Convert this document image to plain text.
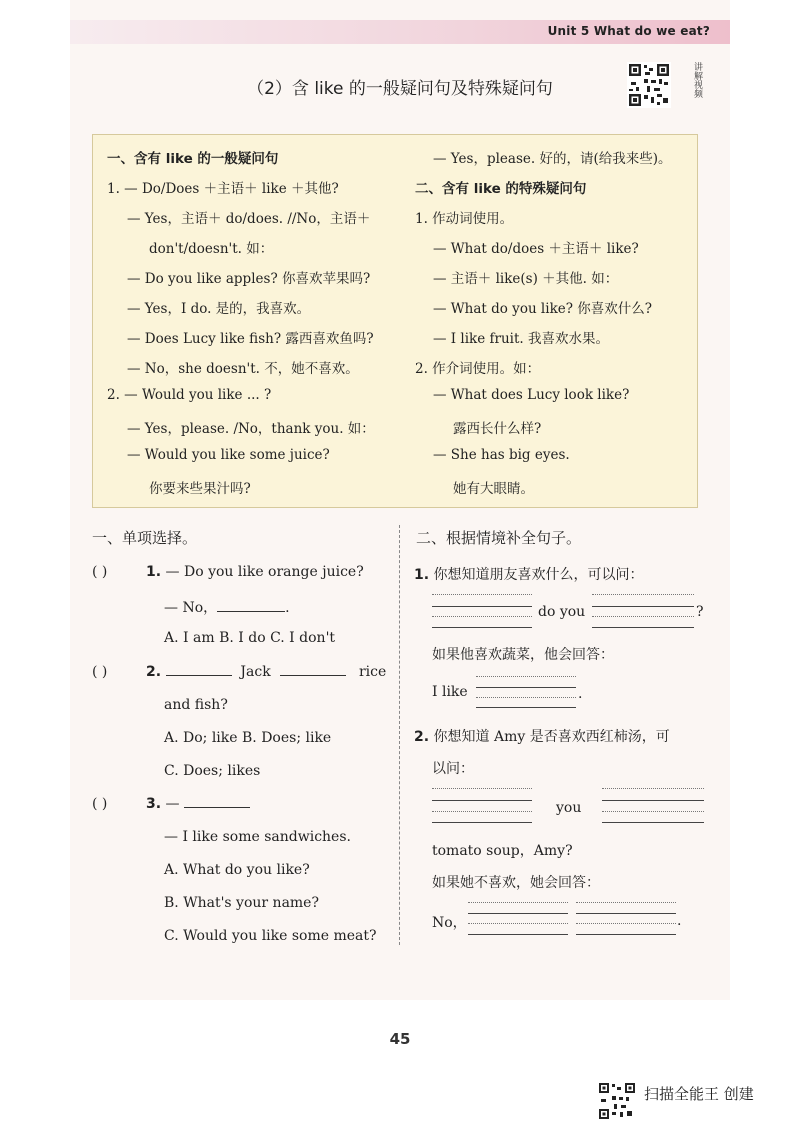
Unit 5 What do we eat?
（2）含 like 的一般疑问句及特殊疑问句	讲解视频
一、含有 like 的一般疑问句
1. — Do/Does ＋主语＋ like ＋其他?
— Yes，主语＋ do/does. //No，主语＋
don't/doesn't. 如：
— Do you like apples? 你喜欢苹果吗?
— Yes，I do. 是的，我喜欢。
— Does Lucy like fish? 露西喜欢鱼吗?
— No，she doesn't. 不，她不喜欢。
2. — Would you like ... ?
— Yes，please. /No，thank you. 如：
— Would you like some juice?
你要来些果汁吗?
— Yes，please. 好的，请(给我来些)。
二、含有 like 的特殊疑问句
1. 作动词使用。
— What do/does ＋主语＋ like?
— 主语＋ like(s) ＋其他. 如：
— What do you like? 你喜欢什么?
— I like fruit. 我喜欢水果。
2. 作介词使用。如：
— What does Lucy look like?
露西长什么样?
— She has big eyes.
她有大眼睛。
一、单项选择。
( )	1. — Do you like orange juice?
— No，	.
A. I am B. I do C. I don't
( )	2.	Jack	rice
and fish?
A. Do; like B. Does; like
C. Does; likes
( )	3. —
— I like some sandwiches.
A. What do you like?
B. What's your name?
C. Would you like some meat?
二、根据情境补全句子。
1. 你想知道朋友喜欢什么，可以问：
do you	?
如果他喜欢蔬菜，他会回答：
I like	.
2. 你想知道 Amy 是否喜欢西红柿汤，可
以问：
you
tomato soup，Amy?
如果她不喜欢，她会回答：
No，	.
45
扫描全能王 创建
